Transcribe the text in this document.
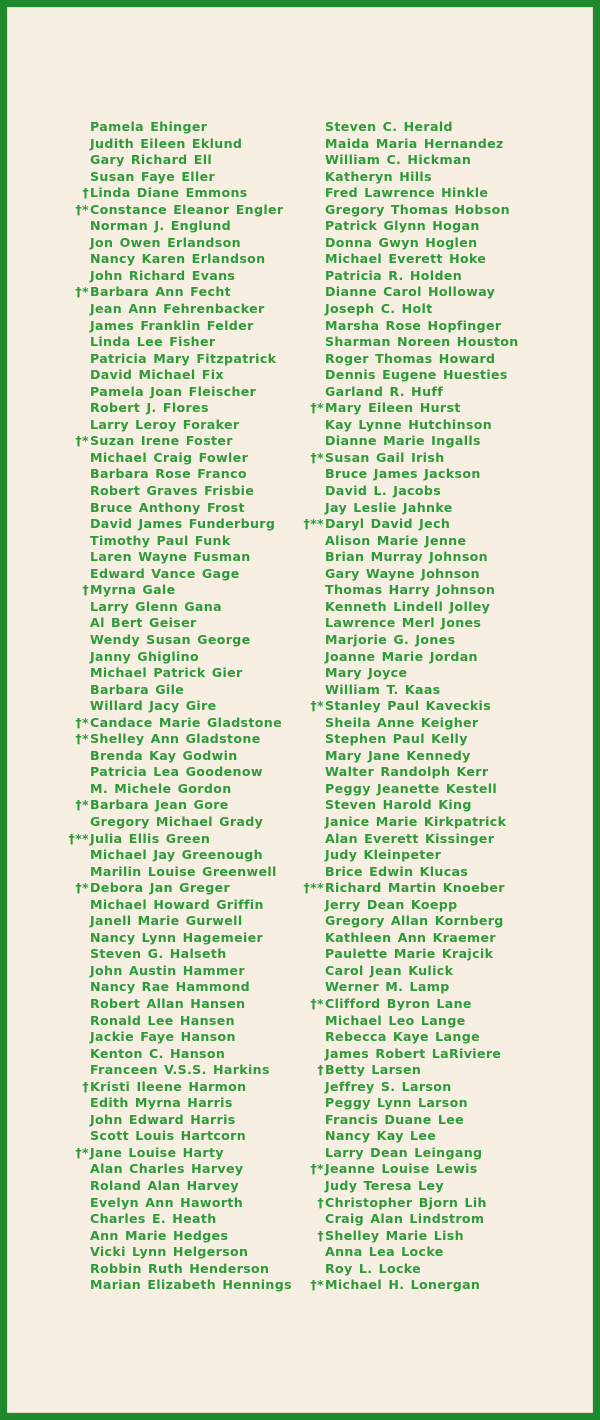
Pamela Ehinger
Judith Eileen Eklund
Gary Richard Ell
Susan Faye Eller
† Linda Diane Emmons
†* Constance Eleanor Engler
Norman J. Englund
Jon Owen Erlandson
Nancy Karen Erlandson
John Richard Evans
†* Barbara Ann Fecht
Jean Ann Fehrenbacker
James Franklin Felder
Linda Lee Fisher
Patricia Mary Fitzpatrick
David Michael Fix
Pamela Joan Fleischer
Robert J. Flores
Larry Leroy Foraker
†* Suzan Irene Foster
Michael Craig Fowler
Barbara Rose Franco
Robert Graves Frisbie
Bruce Anthony Frost
David James Funderburg
Timothy Paul Funk
Laren Wayne Fusman
Edward Vance Gage
† Myrna Gale
Larry Glenn Gana
Al Bert Geiser
Wendy Susan George
Janny Ghiglino
Michael Patrick Gier
Barbara Gile
Willard Jacy Gire
†* Candace Marie Gladstone
†* Shelley Ann Gladstone
Brenda Kay Godwin
Patricia Lea Goodenow
M. Michele Gordon
†* Barbara Jean Gore
Gregory Michael Grady
†** Julia Ellis Green
Michael Jay Greenough
Marilin Louise Greenwell
†* Debora Jan Greger
Michael Howard Griffin
Janell Marie Gurwell
Nancy Lynn Hagemeier
Steven G. Halseth
John Austin Hammer
Nancy Rae Hammond
Robert Allan Hansen
Ronald Lee Hansen
Jackie Faye Hanson
Kenton C. Hanson
Franceen V.S.S. Harkins
† Kristi Ileene Harmon
Edith Myrna Harris
John Edward Harris
Scott Louis Hartcorn
†* Jane Louise Harty
Alan Charles Harvey
Roland Alan Harvey
Evelyn Ann Haworth
Charles E. Heath
Ann Marie Hedges
Vicki Lynn Helgerson
Robbin Ruth Henderson
Marian Elizabeth Hennings
Steven C. Herald
Maida Maria Hernandez
William C. Hickman
Katheryn Hills
Fred Lawrence Hinkle
Gregory Thomas Hobson
Patrick Glynn Hogan
Donna Gwyn Hoglen
Michael Everett Hoke
Patricia R. Holden
Dianne Carol Holloway
Joseph C. Holt
Marsha Rose Hopfinger
Sharman Noreen Houston
Roger Thomas Howard
Dennis Eugene Huesties
Garland R. Huff
†* Mary Eileen Hurst
Kay Lynne Hutchinson
Dianne Marie Ingalls
†* Susan Gail Irish
Bruce James Jackson
David L. Jacobs
Jay Leslie Jahnke
†** Daryl David Jech
Alison Marie Jenne
Brian Murray Johnson
Gary Wayne Johnson
Thomas Harry Johnson
Kenneth Lindell Jolley
Lawrence Merl Jones
Marjorie G. Jones
Joanne Marie Jordan
Mary Joyce
William T. Kaas
†* Stanley Paul Kaveckis
Sheila Anne Keigher
Stephen Paul Kelly
Mary Jane Kennedy
Walter Randolph Kerr
Peggy Jeanette Kestell
Steven Harold King
Janice Marie Kirkpatrick
Alan Everett Kissinger
Judy Kleinpeter
Brice Edwin Klucas
†** Richard Martin Knoeber
Jerry Dean Koepp
Gregory Allan Kornberg
Kathleen Ann Kraemer
Paulette Marie Krajcik
Carol Jean Kulick
Werner M. Lamp
†* Clifford Byron Lane
Michael Leo Lange
Rebecca Kaye Lange
James Robert LaRiviere
† Betty Larsen
Jeffrey S. Larson
Peggy Lynn Larson
Francis Duane Lee
Nancy Kay Lee
Larry Dean Leingang
†* Jeanne Louise Lewis
Judy Teresa Ley
† Christopher Bjorn Lih
Craig Alan Lindstrom
† Shelley Marie Lish
Anna Lea Locke
Roy L. Locke
†* Michael H. Lonergan
